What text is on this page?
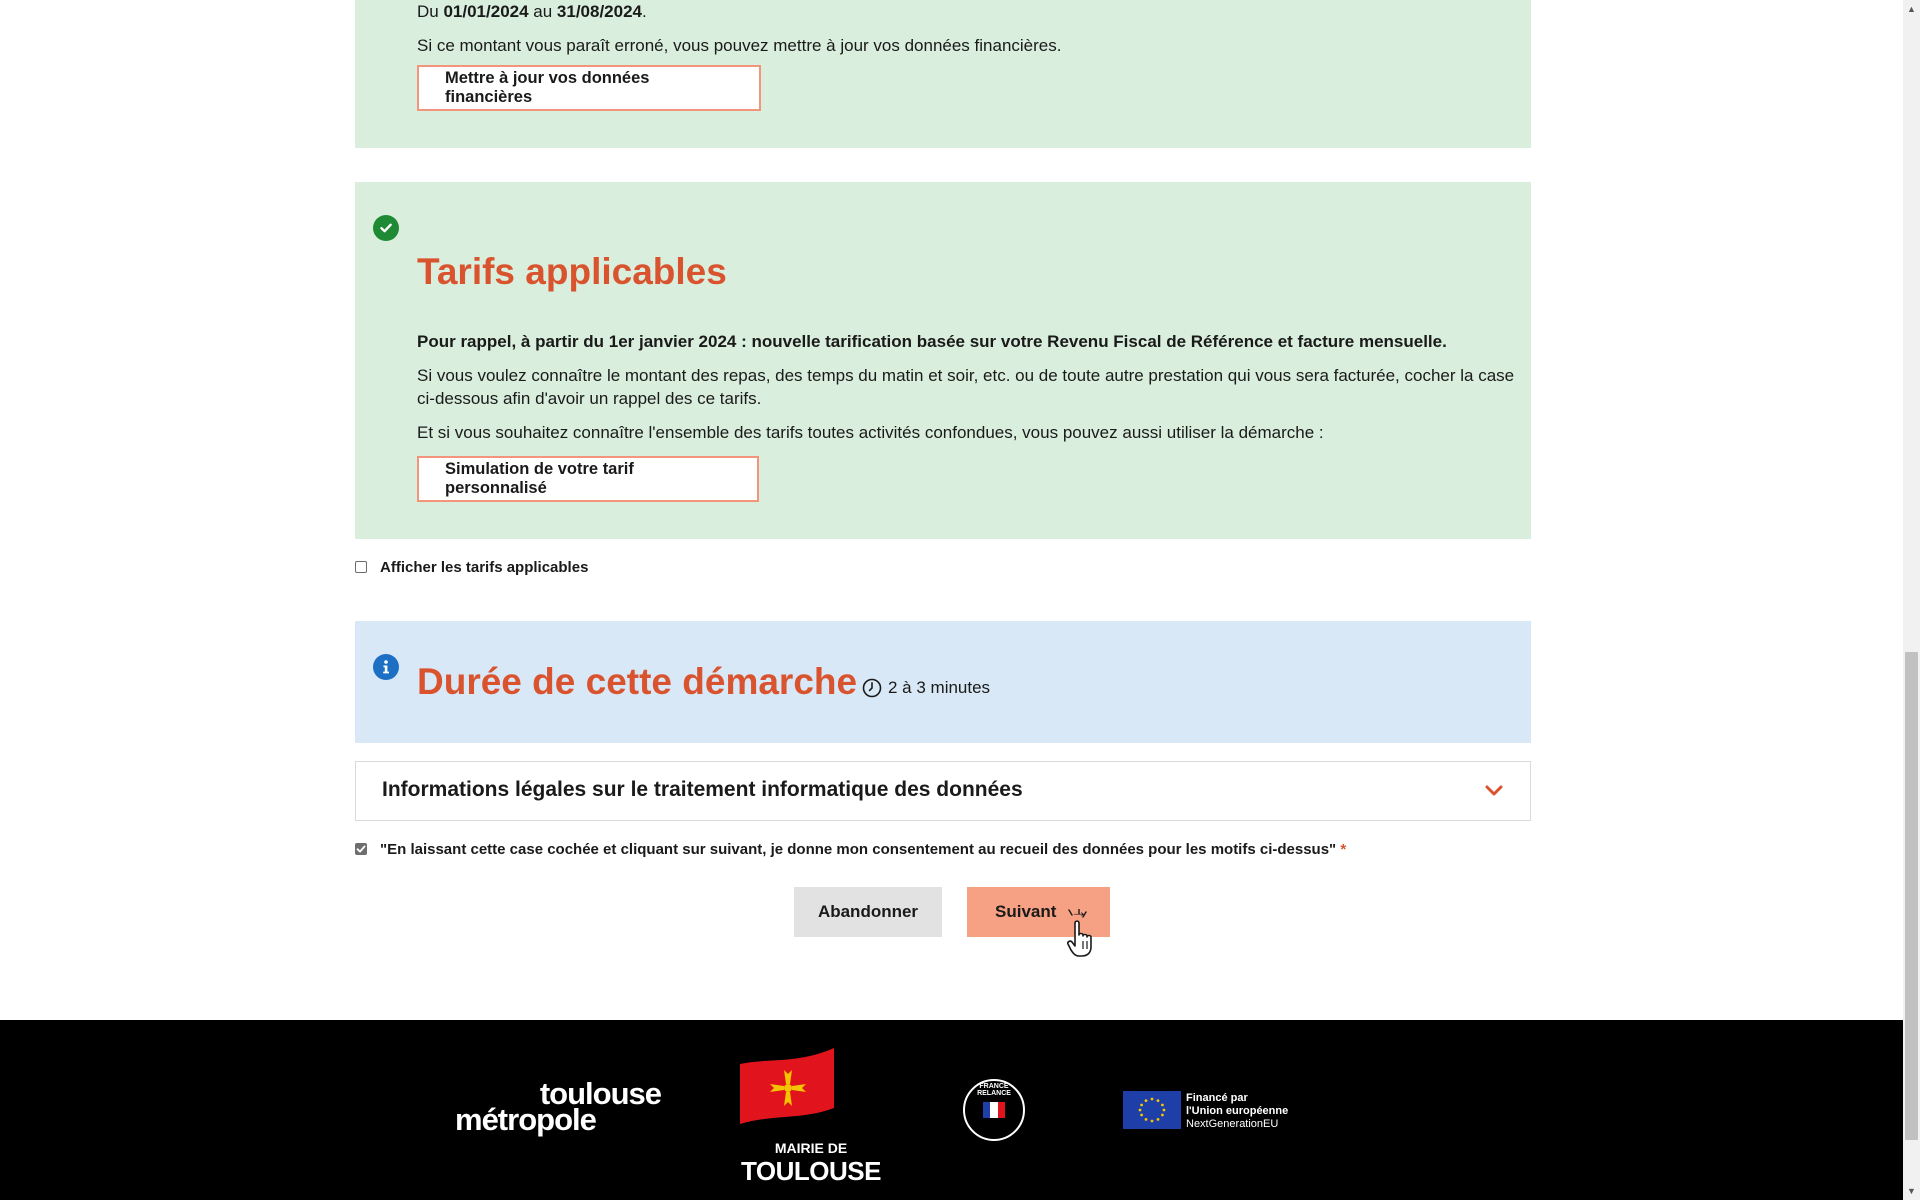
Du 01/01/2024 au 31/08/2024.
Si ce montant vous paraît erroné, vous pouvez mettre à jour vos données financières.
Mettre à jour vos données financières
Tarifs applicables
Pour rappel, à partir du 1er janvier 2024 : nouvelle tarification basée sur votre Revenu Fiscal de Référence et facture mensuelle.
Si vous voulez connaître le montant des repas, des temps du matin et soir, etc. ou de toute autre prestation qui vous sera facturée, cocher la case ci-dessous afin d'avoir un rappel des ce tarifs.
Et si vous souhaitez connaître l'ensemble des tarifs toutes activités confondues, vous pouvez aussi utiliser la démarche :
Simulation de votre tarif personnalisé
Afficher les tarifs applicables
Durée de cette démarche 2 à 3 minutes
Informations légales sur le traitement informatique des données
"En laissant cette case cochée et cliquant sur suivant, je donne mon consentement au recueil des données pour les motifs ci-dessus" *
Abandonner	Suivant →
toulouse
métropole
MAIRIE DE
TOULOUSE
FRANCE RELANCE	Financé par
l'Union européenne
NextGenerationEU
▲
▼
